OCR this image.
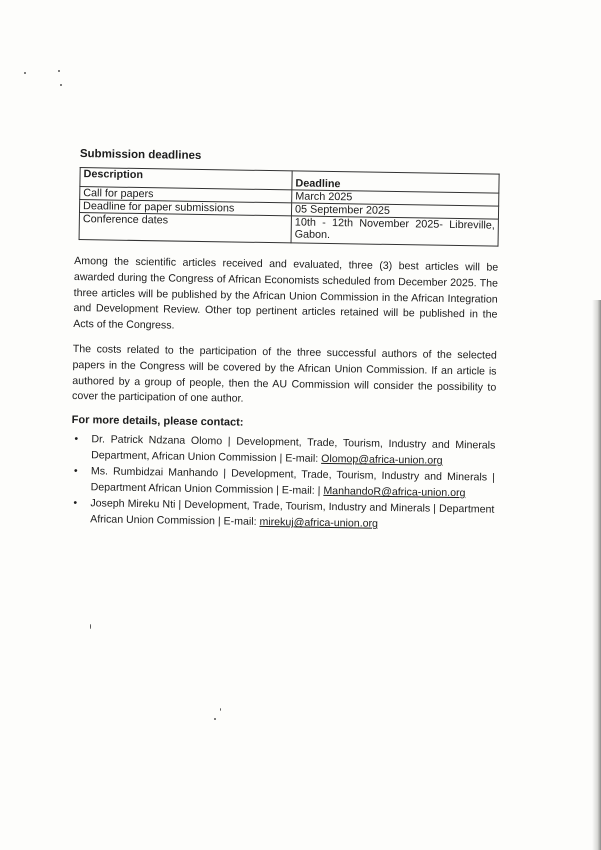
Submission deadlines
Description	Deadline
Call for papers	March 2025
Deadline for paper submissions	05 September 2025
Conference dates	10th - 12th November 2025- Libreville, Gabon.

Among the scientific articles received and evaluated, three (3) best articles will be awarded during the Congress of African Economists scheduled from December 2025. The three articles will be published by the African Union Commission in the African Integration and Development Review. Other top pertinent articles retained will be published in the Acts of the Congress.

The costs related to the participation of the three successful authors of the selected papers in the Congress will be covered by the African Union Commission. If an article is authored by a group of people, then the AU Commission will consider the possibility to cover the participation of one author.

For more details, please contact:
• Dr. Patrick Ndzana Olomo | Development, Trade, Tourism, Industry and Minerals Department, African Union Commission | E-mail: Olomop@africa-union.org
• Ms. Rumbidzai Manhando | Development, Trade, Tourism, Industry and Minerals | Department African Union Commission | E-mail: | ManhandoR@africa-union.org
• Joseph Mireku Nti | Development, Trade, Tourism, Industry and Minerals | Department African Union Commission | E-mail: mirekuj@africa-union.org
